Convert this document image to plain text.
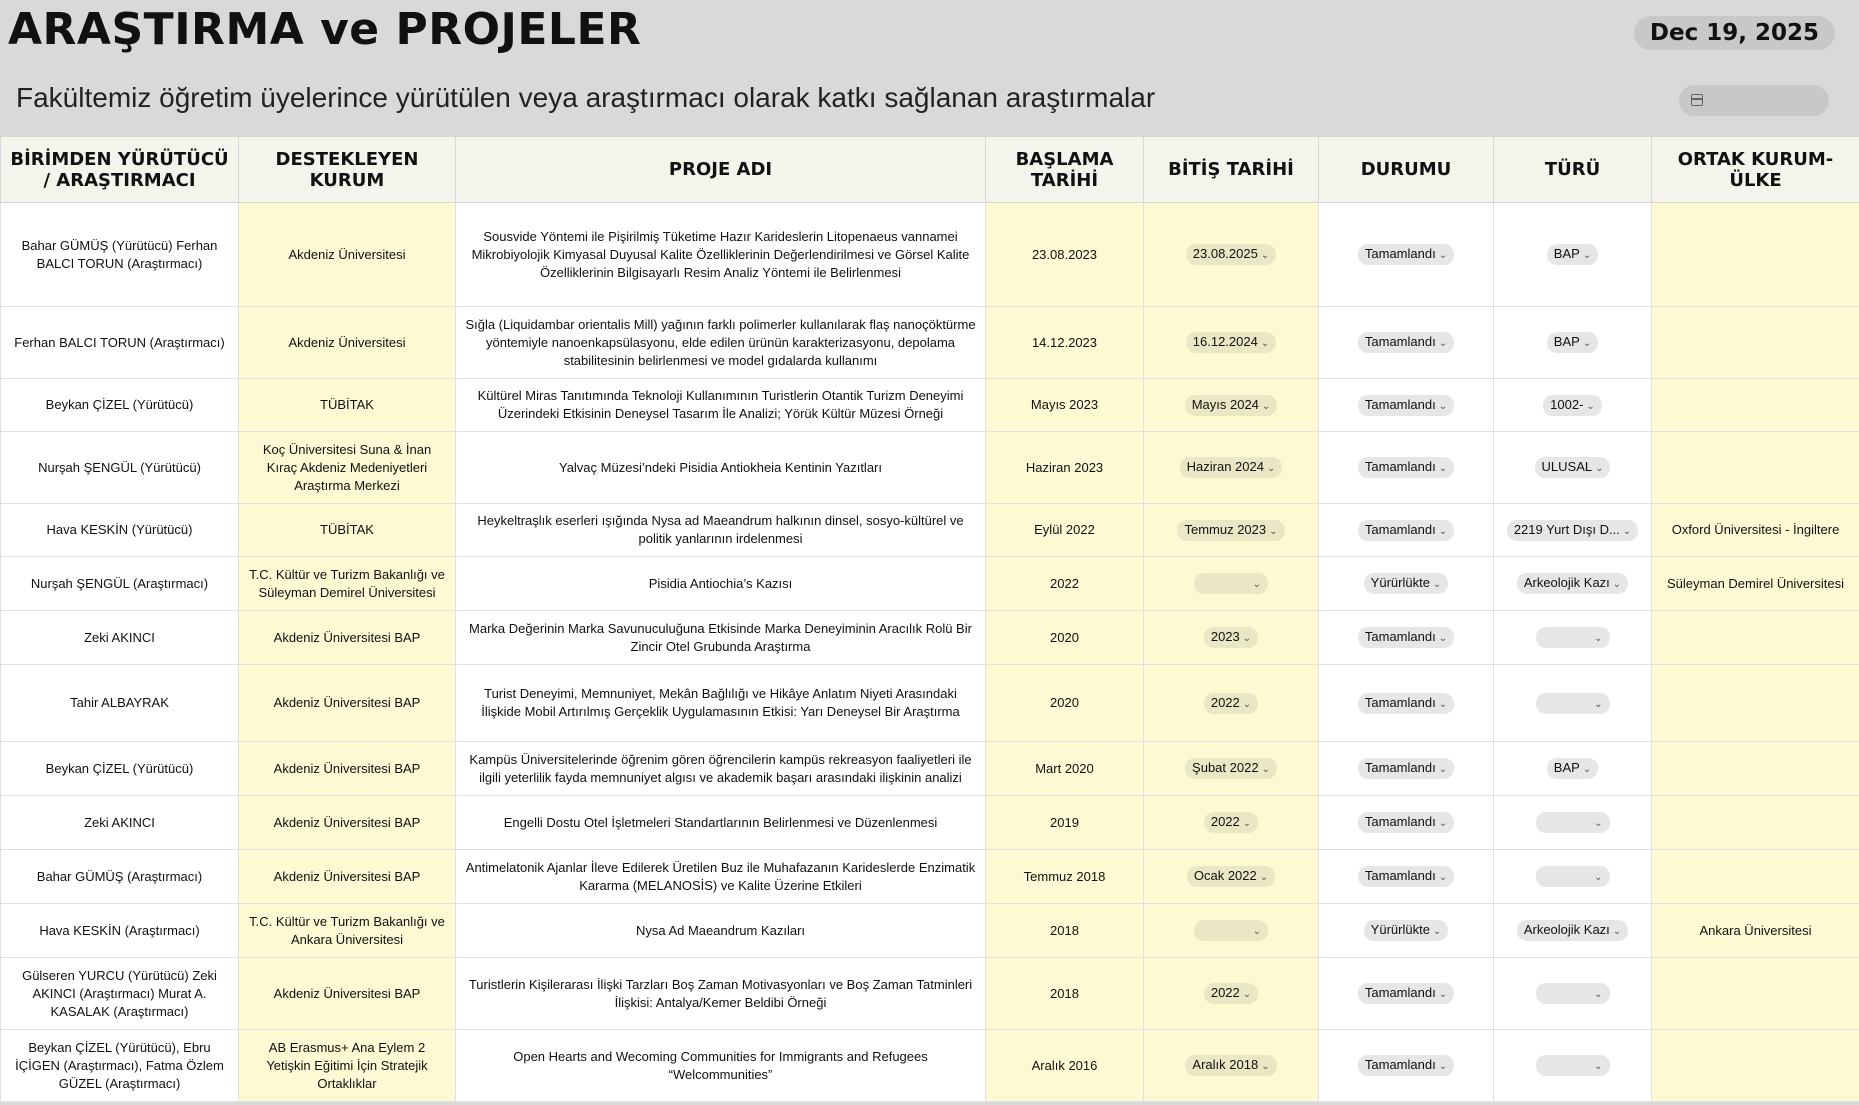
ARAŞTIRMA ve PROJELER	Dec 19, 2025
Fakültemiz öğretim üyelerince yürütülen veya araştırmacı olarak katkı sağlanan araştırmalar
BİRİMDEN YÜRÜTÜCÜ / ARAŞTIRMACI	DESTEKLEYEN KURUM	PROJE ADI	BAŞLAMA TARİHİ	BİTİŞ TARİHİ	DURUMU	TÜRÜ	ORTAK KURUM-ÜLKE
Bahar GÜMÜŞ (Yürütücü) Ferhan BALCI TORUN (Araştırmacı)	Akdeniz Üniversitesi	Sousvide Yöntemi ile Pişirilmiş Tüketime Hazır Karideslerin Litopenaeus vannamei Mikrobiyolojik Kimyasal Duyusal Kalite Özelliklerinin Değerlendirilmesi ve Görsel Kalite Özelliklerinin Bilgisayarlı Resim Analiz Yöntemi ile Belirlenmesi	23.08.2023	23.08.2025 ⌄	Tamamlandı ⌄	BAP ⌄	
Ferhan BALCI TORUN (Araştırmacı)	Akdeniz Üniversitesi	Sığla (Liquidambar orientalis Mill) yağının farklı polimerler kullanılarak flaş nanoçöktürme yöntemiyle nanoenkapsülasyonu, elde edilen ürünün karakterizasyonu, depolama stabilitesinin belirlenmesi ve model gıdalarda kullanımı	14.12.2023	16.12.2024 ⌄	Tamamlandı ⌄	BAP ⌄	
Beykan ÇİZEL (Yürütücü)	TÜBİTAK	Kültürel Miras Tanıtımında Teknoloji Kullanımının Turistlerin Otantik Turizm Deneyimi Üzerindeki Etkisinin Deneysel Tasarım İle Analizi; Yörük Kültür Müzesi Örneği	Mayıs 2023	Mayıs 2024 ⌄	Tamamlandı ⌄	1002- ⌄	
Nurşah ŞENGÜL (Yürütücü)	Koç Üniversitesi Suna & İnan Kıraç Akdeniz Medeniyetleri Araştırma Merkezi	Yalvaç Müzesi’ndeki Pisidia Antiokheia Kentinin Yazıtları	Haziran 2023	Haziran 2024 ⌄	Tamamlandı ⌄	ULUSAL ⌄	
Hava KESKİN (Yürütücü)	TÜBİTAK	Heykeltraşlık eserleri ışığında Nysa ad Maeandrum halkının dinsel, sosyo-kültürel ve politik yanlarının irdelenmesi	Eylül 2022	Temmuz 2023 ⌄	Tamamlandı ⌄	2219 Yurt Dışı D... ⌄	Oxford Üniversitesi - İngiltere
Nurşah ŞENGÜL (Araştırmacı)	T.C. Kültür ve Turizm Bakanlığı ve Süleyman Demirel Üniversitesi	Pisidia Antiochia’s Kazısı	2022	⌄	Yürürlükte ⌄	Arkeolojik Kazı ⌄	Süleyman Demirel Üniversitesi
Zeki AKINCI	Akdeniz Üniversitesi BAP	Marka Değerinin Marka Savunuculuğuna Etkisinde Marka Deneyiminin Aracılık Rolü Bir Zincir Otel Grubunda Araştırma	2020	2023 ⌄	Tamamlandı ⌄	⌄	
Tahir ALBAYRAK	Akdeniz Üniversitesi BAP	Turist Deneyimi, Memnuniyet, Mekân Bağlılığı ve Hikâye Anlatım Niyeti Arasındaki İlişkide Mobil Artırılmış Gerçeklik Uygulamasının Etkisi: Yarı Deneysel Bir Araştırma	2020	2022 ⌄	Tamamlandı ⌄	⌄	
Beykan ÇİZEL (Yürütücü)	Akdeniz Üniversitesi BAP	Kampüs Üniversitelerinde öğrenim gören öğrencilerin kampüs rekreasyon faaliyetleri ile ilgili yeterlilik fayda memnuniyet algısı ve akademik başarı arasındaki ilişkinin analizi	Mart 2020	Şubat 2022 ⌄	Tamamlandı ⌄	BAP ⌄	
Zeki AKINCI	Akdeniz Üniversitesi BAP	Engelli Dostu Otel İşletmeleri Standartlarının Belirlenmesi ve Düzenlenmesi	2019	2022 ⌄	Tamamlandı ⌄	⌄	
Bahar GÜMÜŞ (Araştırmacı)	Akdeniz Üniversitesi BAP	Antimelatonik Ajanlar İleve Edilerek Üretilen Buz ile Muhafazanın Karideslerde Enzimatik Kararma (MELANOSİS) ve Kalite Üzerine Etkileri	Temmuz 2018	Ocak 2022 ⌄	Tamamlandı ⌄	⌄	
Hava KESKİN (Araştırmacı)	T.C. Kültür ve Turizm Bakanlığı ve Ankara Üniversitesi	Nysa Ad Maeandrum Kazıları	2018	⌄	Yürürlükte ⌄	Arkeolojik Kazı ⌄	Ankara Üniversitesi
Gülseren YURCU (Yürütücü) Zeki AKINCI (Araştırmacı) Murat A. KASALAK (Araştırmacı)	Akdeniz Üniversitesi BAP	Turistlerin Kişilerarası İlişki Tarzları Boş Zaman Motivasyonları ve Boş Zaman Tatminleri İlişkisi: Antalya/Kemer Beldibi Örneği	2018	2022 ⌄	Tamamlandı ⌄	⌄	
Beykan ÇİZEL (Yürütücü), Ebru İÇİGEN (Araştırmacı), Fatma Özlem GÜZEL (Araştırmacı)	AB Erasmus+ Ana Eylem 2 Yetişkin Eğitimi İçin Stratejik Ortaklıklar	Open Hearts and Wecoming Communities for Immigrants and Refugees “Welcommunities”	Aralık 2016	Aralık 2018 ⌄	Tamamlandı ⌄	⌄	
